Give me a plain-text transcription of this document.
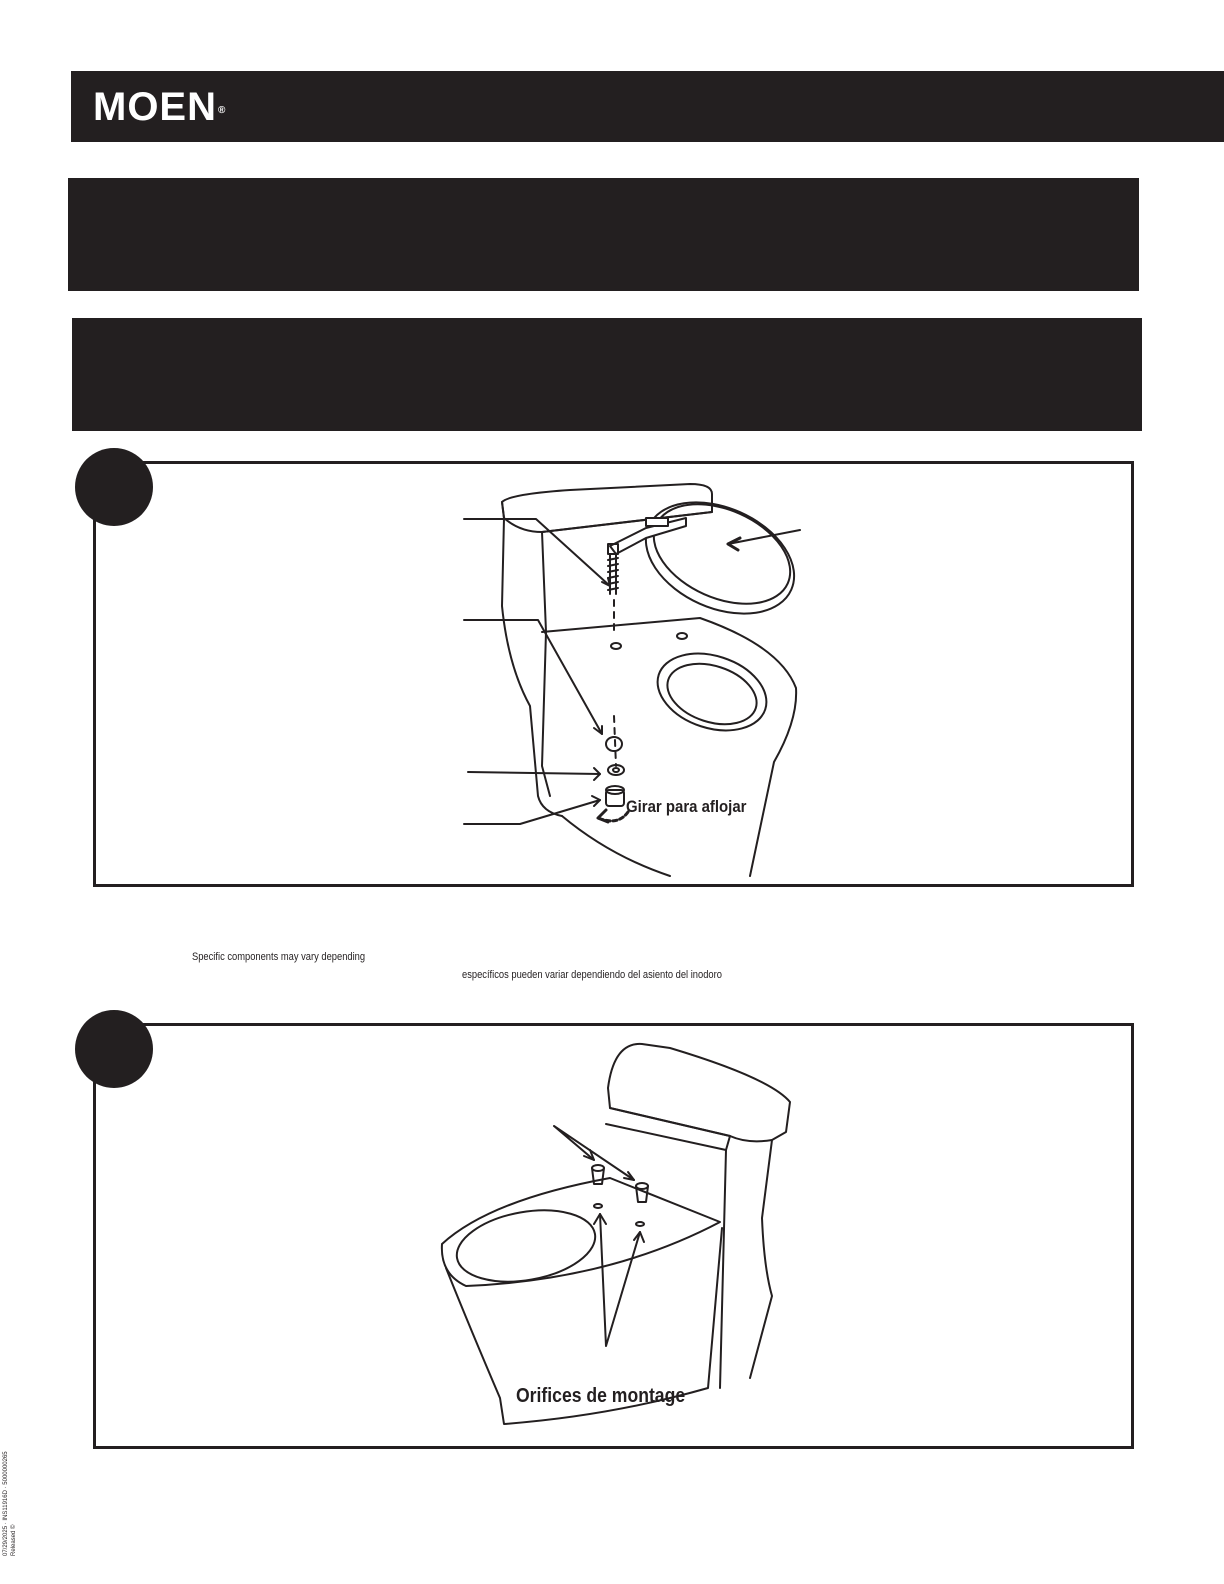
MOEN®
Girar para aflojar
Specific components may vary depending
específicos pueden variar dependiendo del asiento del inodoro
Orifices de montage
07/29/2025 · INS11916D · 5000000265 Released ©
